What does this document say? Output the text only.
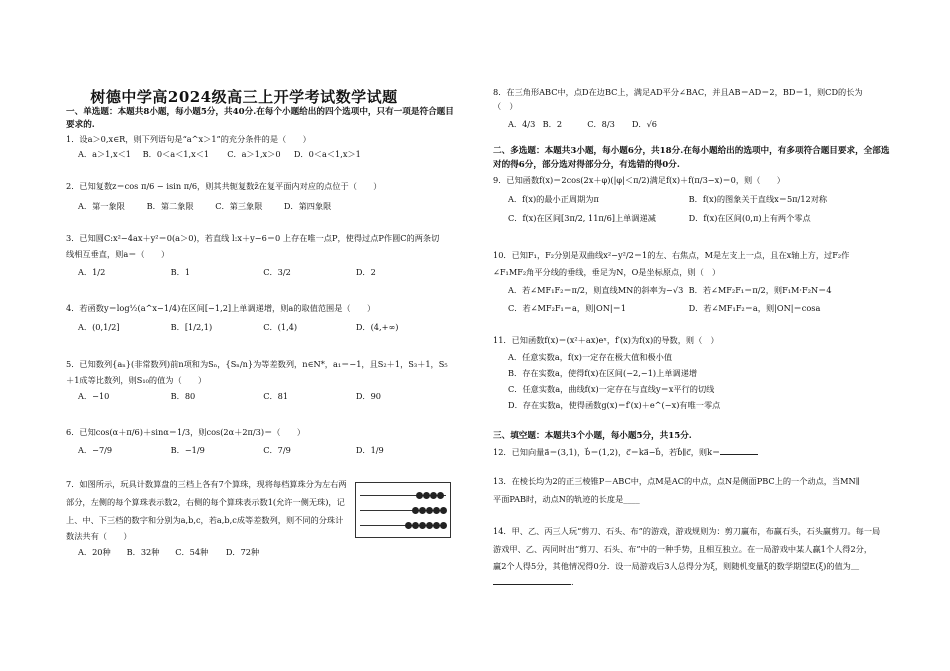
树德中学高2024级高三上开学考试数学试题
一、单选题：本题共8小题，每小题5分，共40分.在每个小题给出的四个选项中，只有一项是符合题目要求的.
1．设a＞0,x∈R，则下列语句是“a^x＞1”的充分条件的是（　　）
A．a＞1,x＜1 B．0＜a＜1,x＜1 C．a＞1,x＞0 D．0＜a＜1,x＞1
2．已知复数z＝cos π/6 − isin π/6，则其共轭复数z̄在复平面内对应的点位于（　　）
A．第一象限	B．第二象限	C．第三象限	D．第四象限
3．已知圆C:x²−4ax＋y²＝0(a＞0)，若直线 l:x＋y−6＝0 上存在唯一点P，使得过点P作圆C的两条切
线相互垂直，则a＝（　　）
A．1/2	B．1	C．3/2	D．2
4．若函数y＝log½(a^x−1/4)在区间[−1,2]上单调递增，则a的取值范围是（　　）
A．(0,1/2]	B．[1/2,1)	C．(1,4)	D．(4,+∞)
5．已知数列{aₙ}(非常数列)前n项和为Sₙ，{Sₙ/n}为等差数列，n∈N*，a₁＝−1，且S₂＋1，S₃＋1，S₅
＋1成等比数列，则S₁₀的值为（　　）
A．−10	B．80	C．81	D．90
6．已知cos(α＋π/6)＋sinα＝1/3，则cos(2α＋2π/3)＝（　　）
A．−7/9	B．−1/9	C．7/9	D．1/9
7．如图所示，玩具计数算盘的三档上各有7个算珠，现将每档算珠分为左右两
部分，左侧的每个算珠表示数2，右侧的每个算珠表示数1(允许一侧无珠)，记
上、中、下三档的数字和分别为a,b,c，若a,b,c成等差数列，则不同的分珠计
数法共有（　　）
A．20种 B．32种 C．54种 D．72种
8．在三角形ABC中，点D在边BC上，满足AD平分∠BAC，并且AB＝AD＝2，BD＝1，则CD的长为
（　）
A．4/3 B．2	C．8/3 D．√6
二、多选题：本题共3小题，每小题6分，共18分.在每小题给出的选项中，有多项符合题目要求，全部选
对的得6分，部分选对得部分分，有选错的得0分.
9．已知函数f(x)＝2cos(2x＋φ)(|φ|＜π/2)满足f(x)＋f(π/3−x)＝0，则（　　）
A．f(x)的最小正周期为π	B．f(x)的图象关于直线x＝5π/12对称
C．f(x)在区间[3π/2, 11π/6]上单调递减	D．f(x)在区间(0,π)上有两个零点
10．已知F₁，F₂分别是双曲线x²−y²/2＝1的左、右焦点，M是左支上一点，且在x轴上方，过F₂作
∠F₁MF₂角平分线的垂线，垂足为N，O是坐标原点，则（　）
A．若∠MF₁F₂＝π/2，则直线MN的斜率为−√3 B．若∠MF₂F₁＝π/2，则F₁M·F₂N＝4
C．若∠MF₂F₁＝a，则|ON|＝1	D．若∠MF₁F₂＝a，则|ON|＝cosa
11．已知函数f(x)＝(x²＋ax)eˣ，f′(x)为f(x)的导数，则（　）
A．任意实数a，f(x)一定存在极大值和极小值
B．存在实数a，使得f(x)在区间(−2,−1)上单调递增
C．任意实数a，曲线f(x)一定存在与直线y＝x平行的切线
D．存在实数a，使得函数g(x)＝f′(x)＋e^(−x)有唯一零点
三、填空题：本题共3个小题，每小题5分，共15分.
12．已知向量a⃗＝(3,1)，b⃗＝(1,2)，c⃗＝ka⃗−b⃗，若b⃗∥c⃗，则k＝
13．在棱长均为2的正三棱锥P－ABC中，点M是AC的中点，点N是侧面PBC上的一个动点，当MN∥
平面PAB时，动点N的轨迹的长度是____
14．甲、乙、丙三人玩“剪刀、石头、布”的游戏，游戏规则为：剪刀赢布，布赢石头，石头赢剪刀。每一局
游戏甲、乙、丙同时出“剪刀、石头、布”中的一种手势，且相互独立。在一局游戏中某人赢1个人得2分，
赢2个人得5分，其他情况得0分．设一局游戏后3人总得分为ξ，则随机变量ξ的数学期望E(ξ)的值为＿
.
